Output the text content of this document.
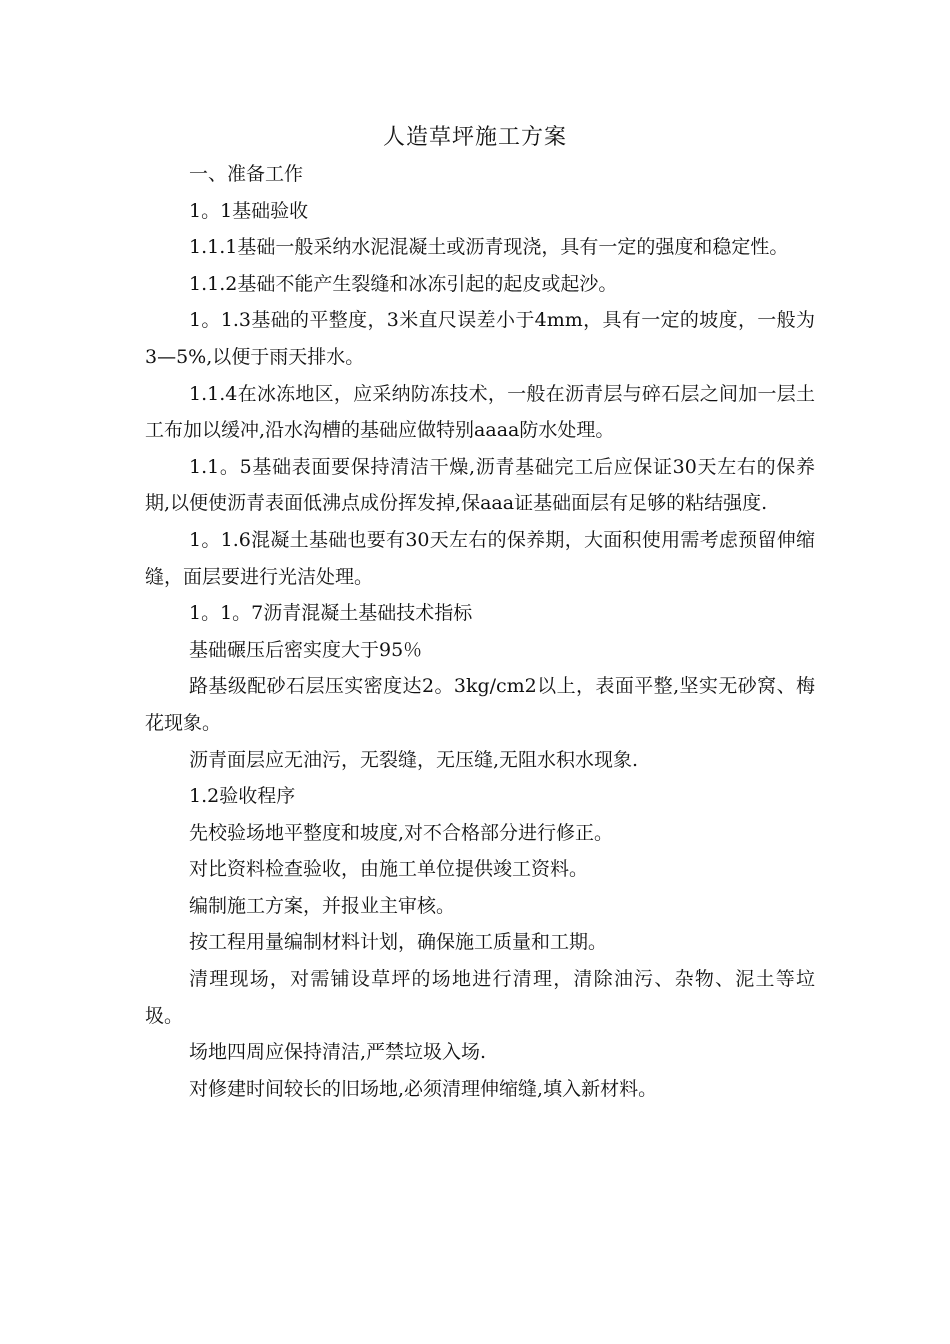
人造草坪施工方案

一、准备工作

1。1基础验收

1.1.1基础一般采纳水泥混凝土或沥青现浇，具有一定的强度和稳定性。

1.1.2基础不能产生裂缝和冰冻引起的起皮或起沙。

1。1.3基础的平整度，3米直尺误差小于4mm，具有一定的坡度，一般为3—5%,以便于雨天排水。

1.1.4在冰冻地区，应采纳防冻技术，一般在沥青层与碎石层之间加一层土工布加以缓冲,沿水沟槽的基础应做特别aaaa防水处理。

1.1。5基础表面要保持清洁干燥,沥青基础完工后应保证30天左右的保养期,以便使沥青表面低沸点成份挥发掉,保aaa证基础面层有足够的粘结强度.

1。1.6混凝土基础也要有30天左右的保养期，大面积使用需考虑预留伸缩缝，面层要进行光洁处理。

1。1。7沥青混凝土基础技术指标

基础碾压后密实度大于95％

路基级配砂石层压实密度达2。3kg/cm2以上，表面平整,坚实无砂窝、梅花现象。

沥青面层应无油污，无裂缝，无压缝,无阻水积水现象.

1.2验收程序

先校验场地平整度和坡度,对不合格部分进行修正。

对比资料检查验收，由施工单位提供竣工资料。

编制施工方案，并报业主审核。

按工程用量编制材料计划，确保施工质量和工期。

清理现场，对需铺设草坪的场地进行清理，清除油污、杂物、泥土等垃圾。

场地四周应保持清洁,严禁垃圾入场.

对修建时间较长的旧场地,必须清理伸缩缝,填入新材料。
